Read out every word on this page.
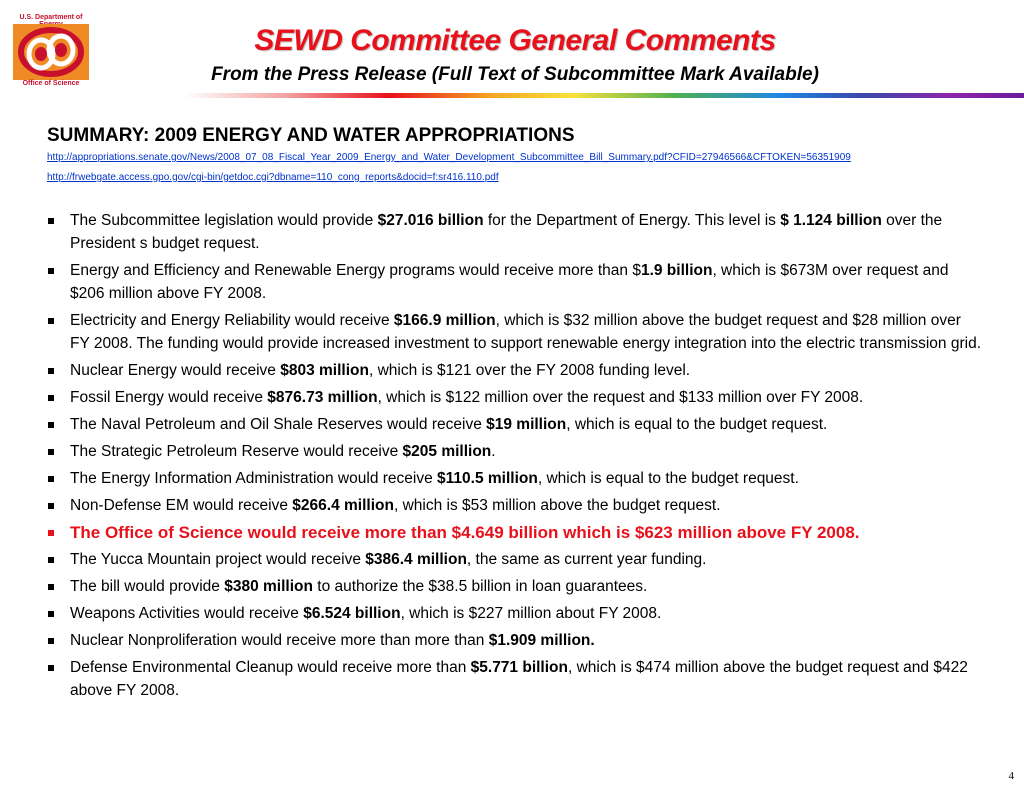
U.S. Department of
Office of Science
SEWD Committee General Comments
From the Press Release (Full Text of Subcommittee Mark Available)
SUMMARY: 2009 ENERGY AND WATER APPROPRIATIONS
http://appropriations.senate.gov/News/2008_07_08_Fiscal_Year_2009_Energy_and_Water_Development_Subcommittee_Bill_Summary.pdf?CFID=27946566&CFTOKEN=56351909
http://frwebgate.access.gpo.gov/cgi-bin/getdoc.cgi?dbname=110_cong_reports&docid=f:sr416.110.pdf
The Subcommittee legislation would provide $27.016 billion for the Department of Energy. This level is $ 1.124 billion over the President s budget request.
Energy and Efficiency and Renewable Energy programs would receive more than $1.9 billion, which is $673M over request and $206 million above FY 2008.
Electricity and Energy Reliability would receive $166.9 million, which is $32 million above the budget request and $28 million over FY 2008. The funding would provide increased investment to support renewable energy integration into the electric transmission grid.
Nuclear Energy would receive $803 million, which is $121 over the FY 2008 funding level.
Fossil Energy would receive $876.73 million, which is $122 million over the request and $133 million over FY 2008.
The Naval Petroleum and Oil Shale Reserves would receive $19 million, which is equal to the budget request.
The Strategic Petroleum Reserve would receive $205 million.
The Energy Information Administration would receive $110.5 million, which is equal to the budget request.
Non-Defense EM would receive $266.4 million, which is $53 million above the budget request.
The Office of Science would receive more than $4.649 billion which is $623 million above FY 2008.
The Yucca Mountain project would receive $386.4 million, the same as current year funding.
The bill would provide $380 million to authorize the $38.5 billion in loan guarantees.
Weapons Activities would receive $6.524 billion, which is $227 million about FY 2008.
Nuclear Nonproliferation would receive more than more than $1.909 million.
Defense Environmental Cleanup would receive more than $5.771 billion, which is $474 million above the budget request and $422 above FY 2008.
4
